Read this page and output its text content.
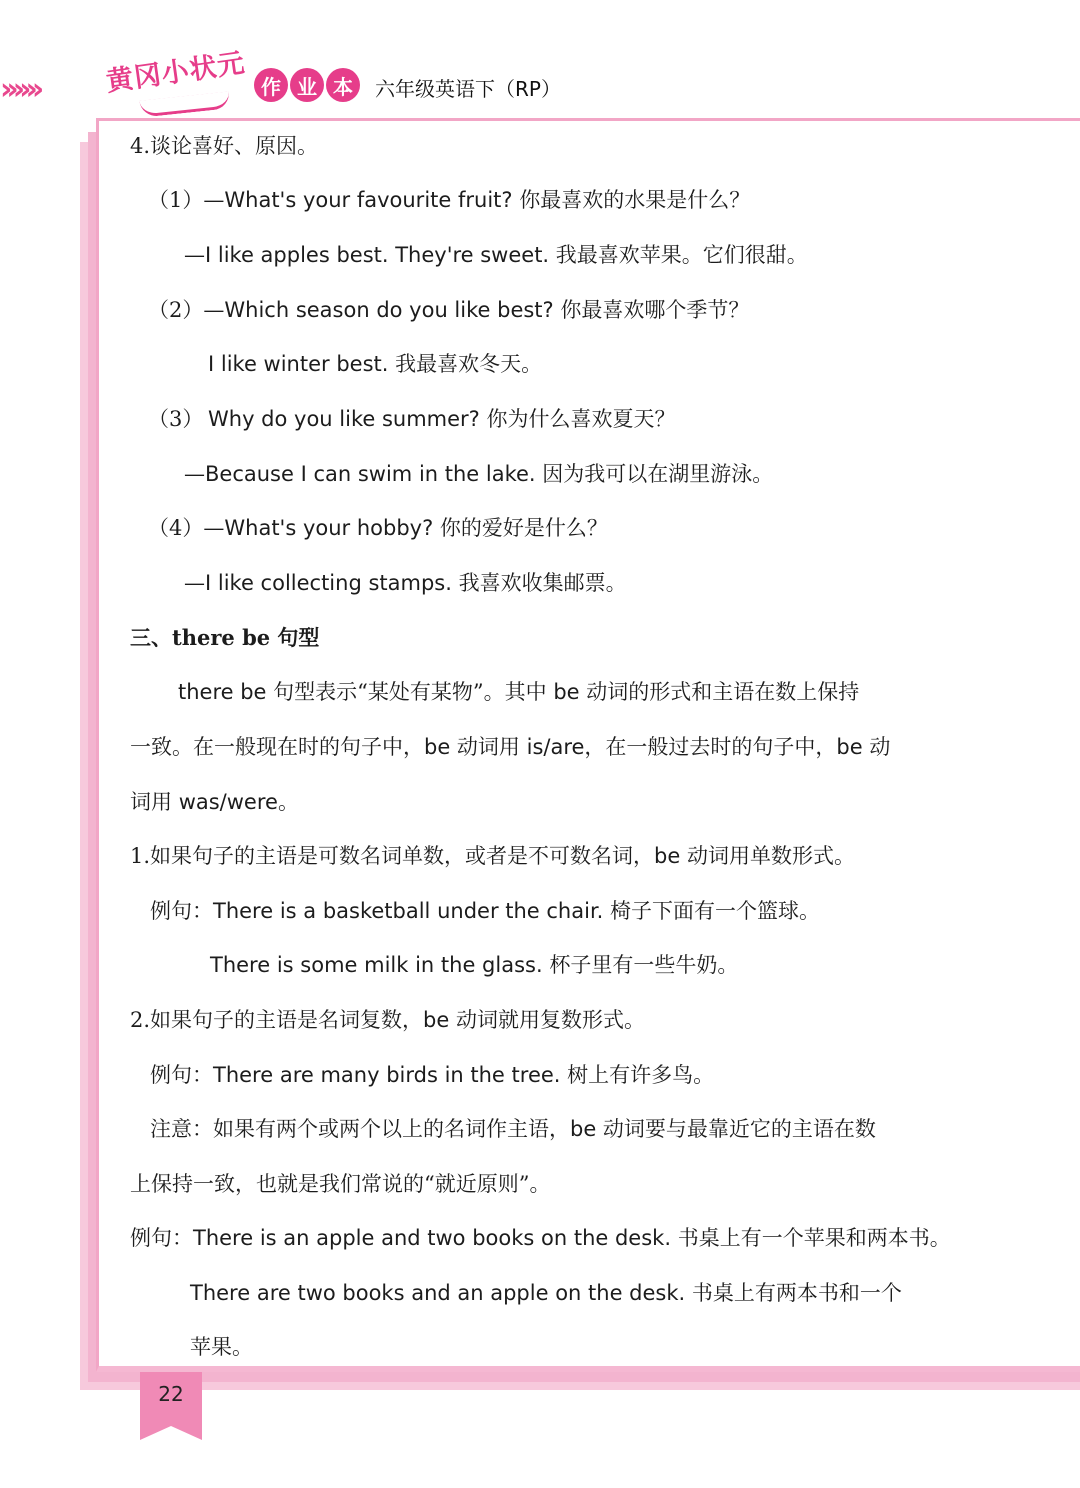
›››››› 黄冈小状元 作 业 本	六年级英语下（RP）
4.谈论喜好、原因。
（1）—What's your favourite fruit? 你最喜欢的水果是什么？
—I like apples best. They're sweet. 我最喜欢苹果。它们很甜。
（2）—Which season do you like best? 你最喜欢哪个季节？
I like winter best. 我最喜欢冬天。
（3） Why do you like summer? 你为什么喜欢夏天？
—Because I can swim in the lake. 因为我可以在湖里游泳。
（4）—What's your hobby? 你的爱好是什么？
—I like collecting stamps. 我喜欢收集邮票。
三、there be 句型
there be 句型表示“某处有某物”。其中 be 动词的形式和主语在数上保持
一致。在一般现在时的句子中，be 动词用 is/are，在一般过去时的句子中，be 动
词用 was/were。
1.如果句子的主语是可数名词单数，或者是不可数名词，be 动词用单数形式。
例句：There is a basketball under the chair. 椅子下面有一个篮球。
There is some milk in the glass. 杯子里有一些牛奶。
2.如果句子的主语是名词复数，be 动词就用复数形式。
例句：There are many birds in the tree. 树上有许多鸟。
注意：如果有两个或两个以上的名词作主语，be 动词要与最靠近它的主语在数
上保持一致，也就是我们常说的“就近原则”。
例句：There is an apple and two books on the desk. 书桌上有一个苹果和两本书。
There are two books and an apple on the desk. 书桌上有两本书和一个
苹果。
22
